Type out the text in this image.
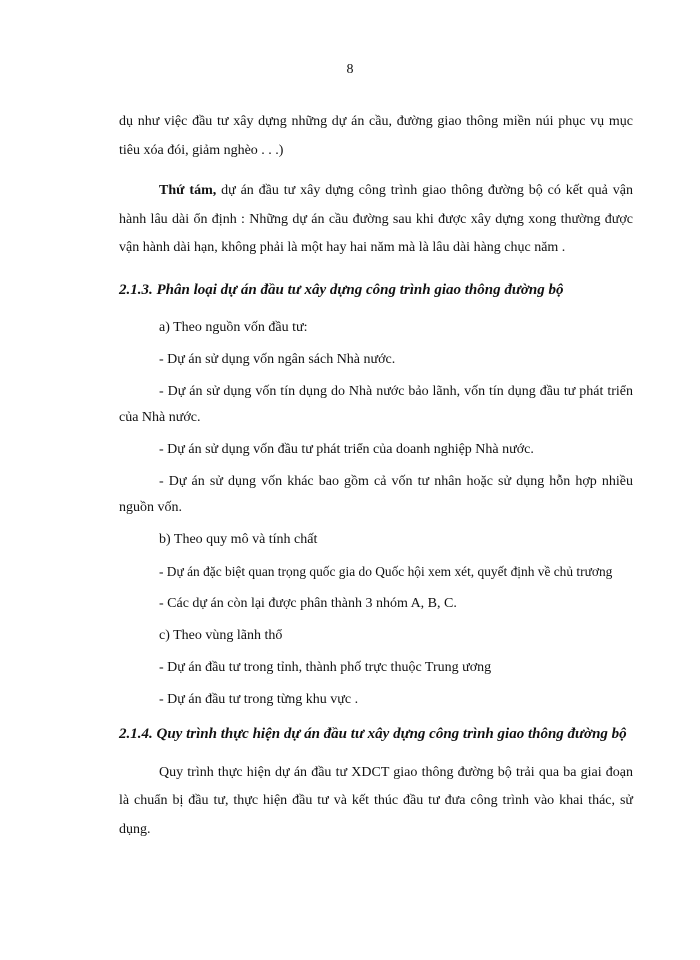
8

dụ như việc đầu tư xây dựng những dự án cầu, đường giao thông miền núi phục vụ mục tiêu xóa đói, giảm nghèo . . .)

Thứ tám, dự án đầu tư xây dựng công trình giao thông đường bộ có kết quả vận hành lâu dài ổn định : Những dự án cầu đường sau khi được xây dựng xong thường được vận hành dài hạn, không phải là một hay hai năm mà là lâu dài hàng chục năm .

2.1.3. Phân loại dự án đầu tư xây dựng công trình giao thông đường bộ
a) Theo nguồn vốn đầu tư:
- Dự án sử dụng vốn ngân sách Nhà nước.
- Dự án sử dụng vốn tín dụng do Nhà nước bảo lãnh, vốn tín dụng đầu tư phát triển của Nhà nước.
- Dự án sử dụng vốn đầu tư phát triển của doanh nghiệp Nhà nước.
- Dự án sử dụng vốn khác bao gồm cả vốn tư nhân hoặc sử dụng hỗn hợp nhiều nguồn vốn.
b) Theo quy mô và tính chất
- Dự án đặc biệt quan trọng quốc gia do Quốc hội xem xét, quyết định về chủ trương
- Các dự án còn lại được phân thành 3 nhóm A, B, C.
c) Theo vùng lãnh thổ
- Dự án đầu tư trong tỉnh, thành phố trực thuộc Trung ương
- Dự án đầu tư trong từng khu vực .
2.1.4. Quy trình thực hiện dự án đầu tư xây dựng công trình giao thông đường bộ

Quy trình thực hiện dự án đầu tư XDCT giao thông đường bộ trải qua ba giai đoạn là chuẩn bị đầu tư, thực hiện đầu tư và kết thúc đầu tư đưa công trình vào khai thác, sử dụng.
